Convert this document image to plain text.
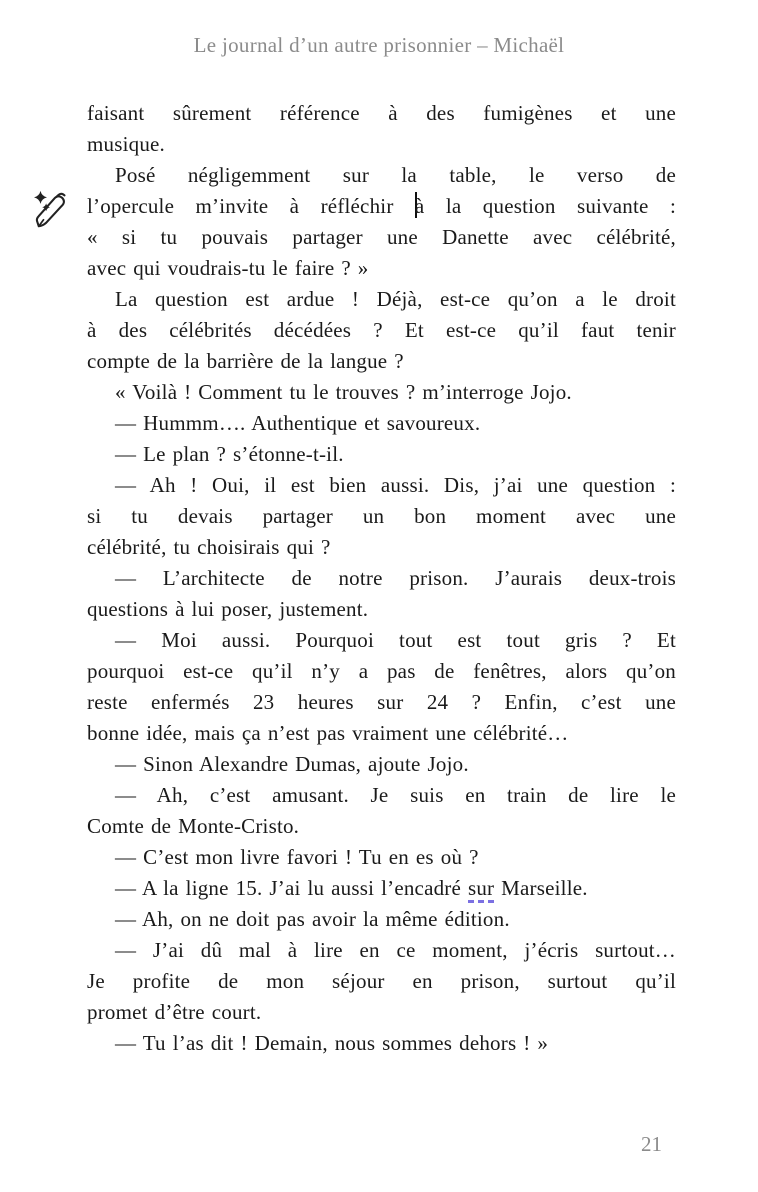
Le journal d’un autre prisonnier – Michaël
faisant sûrement référence à des fumigènes et une
musique.
Posé négligemment sur la table, le verso de
l’opercule m’invite à réfléchir à la question suivante :
« si tu pouvais partager une Danette avec célébrité,
avec qui voudrais-tu le faire ? »
La question est ardue ! Déjà, est-ce qu’on a le droit
à des célébrités décédées ? Et est-ce qu’il faut tenir
compte de la barrière de la langue ?
« Voilà ! Comment tu le trouves ? m’interroge Jojo.
— Hummm…. Authentique et savoureux.
— Le plan ? s’étonne-t-il.
— Ah ! Oui, il est bien aussi. Dis, j’ai une question :
si tu devais partager un bon moment avec une
célébrité, tu choisirais qui ?
— L’architecte de notre prison. J’aurais deux-trois
questions à lui poser, justement.
— Moi aussi. Pourquoi tout est tout gris ? Et
pourquoi est-ce qu’il n’y a pas de fenêtres, alors qu’on
reste enfermés 23 heures sur 24 ? Enfin, c’est une
bonne idée, mais ça n’est pas vraiment une célébrité…
— Sinon Alexandre Dumas, ajoute Jojo.
— Ah, c’est amusant. Je suis en train de lire le
Comte de Monte-Cristo.
— C’est mon livre favori ! Tu en es où ?
— A la ligne 15. J’ai lu aussi l’encadré sur Marseille.
— Ah, on ne doit pas avoir la même édition.
— J’ai dû mal à lire en ce moment, j’écris surtout…
Je profite de mon séjour en prison, surtout qu’il
promet d’être court.
— Tu l’as dit ! Demain, nous sommes dehors ! »
21
